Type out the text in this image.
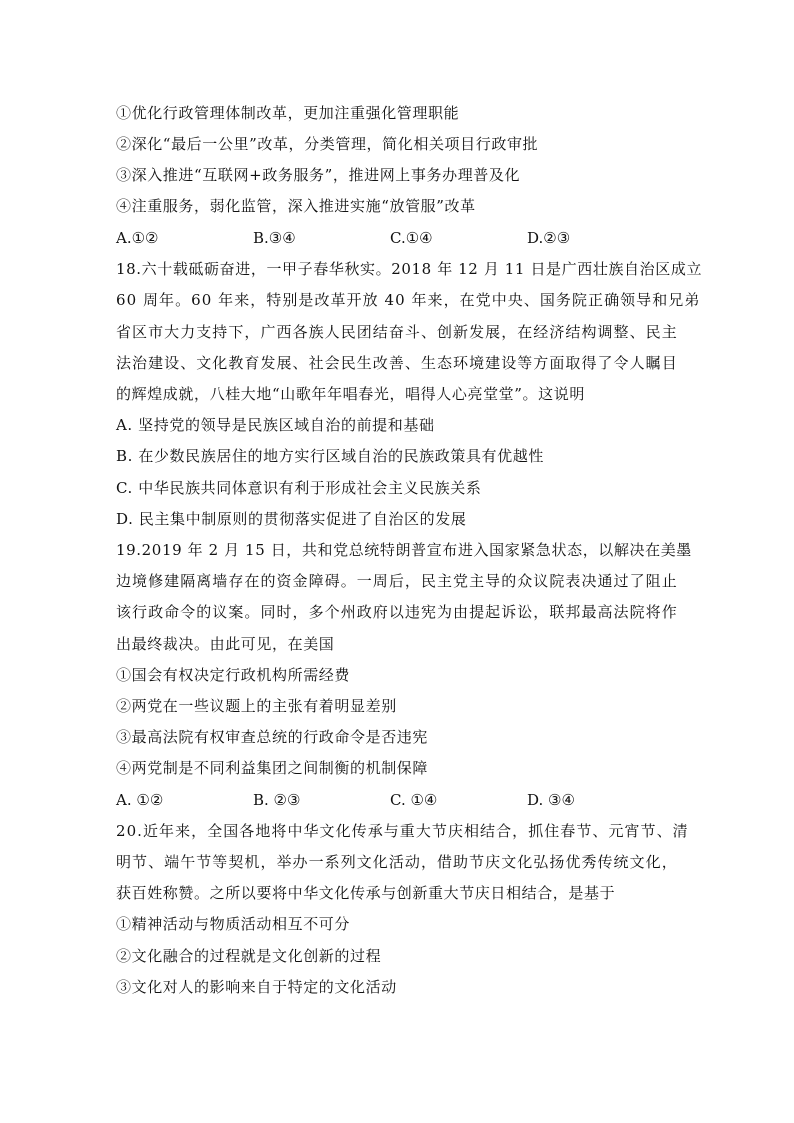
①优化行政管理体制改革，更加注重强化管理职能
②深化“最后一公里”改革，分类管理，简化相关项目行政审批
③深入推进“互联网+政务服务”，推进网上事务办理普及化
④注重服务，弱化监管，深入推进实施“放管服”改革
A.①②	B.③④	C.①④	D.②③
18.六十载砥砺奋进，一甲子春华秋实。2018 年 12 月 11 日是广西壮族自治区成立
60 周年。60 年来，特别是改革开放 40 年来，在党中央、国务院正确领导和兄弟
省区市大力支持下，广西各族人民团结奋斗、创新发展，在经济结构调整、民主
法治建设、文化教育发展、社会民生改善、生态环境建设等方面取得了令人瞩目
的辉煌成就，八桂大地“山歌年年唱春光，唱得人心亮堂堂”。这说明
A. 坚持党的领导是民族区域自治的前提和基础
B. 在少数民族居住的地方实行区域自治的民族政策具有优越性
C. 中华民族共同体意识有利于形成社会主义民族关系
D. 民主集中制原则的贯彻落实促进了自治区的发展
19.2019 年 2 月 15 日，共和党总统特朗普宣布进入国家紧急状态，以解决在美墨
边境修建隔离墙存在的资金障碍。一周后，民主党主导的众议院表决通过了阻止
该行政命令的议案。同时，多个州政府以违宪为由提起诉讼，联邦最高法院将作
出最终裁决。由此可见，在美国
①国会有权决定行政机构所需经费
②两党在一些议题上的主张有着明显差别
③最高法院有权审查总统的行政命令是否违宪
④两党制是不同利益集团之间制衡的机制保障
A. ①②	B. ②③	C. ①④	D. ③④
20.近年来，全国各地将中华文化传承与重大节庆相结合，抓住春节、元宵节、清
明节、端午节等契机，举办一系列文化活动，借助节庆文化弘扬优秀传统文化，
获百姓称赞。之所以要将中华文化传承与创新重大节庆日相结合，是基于
①精神活动与物质活动相互不可分
②文化融合的过程就是文化创新的过程
③文化对人的影响来自于特定的文化活动
